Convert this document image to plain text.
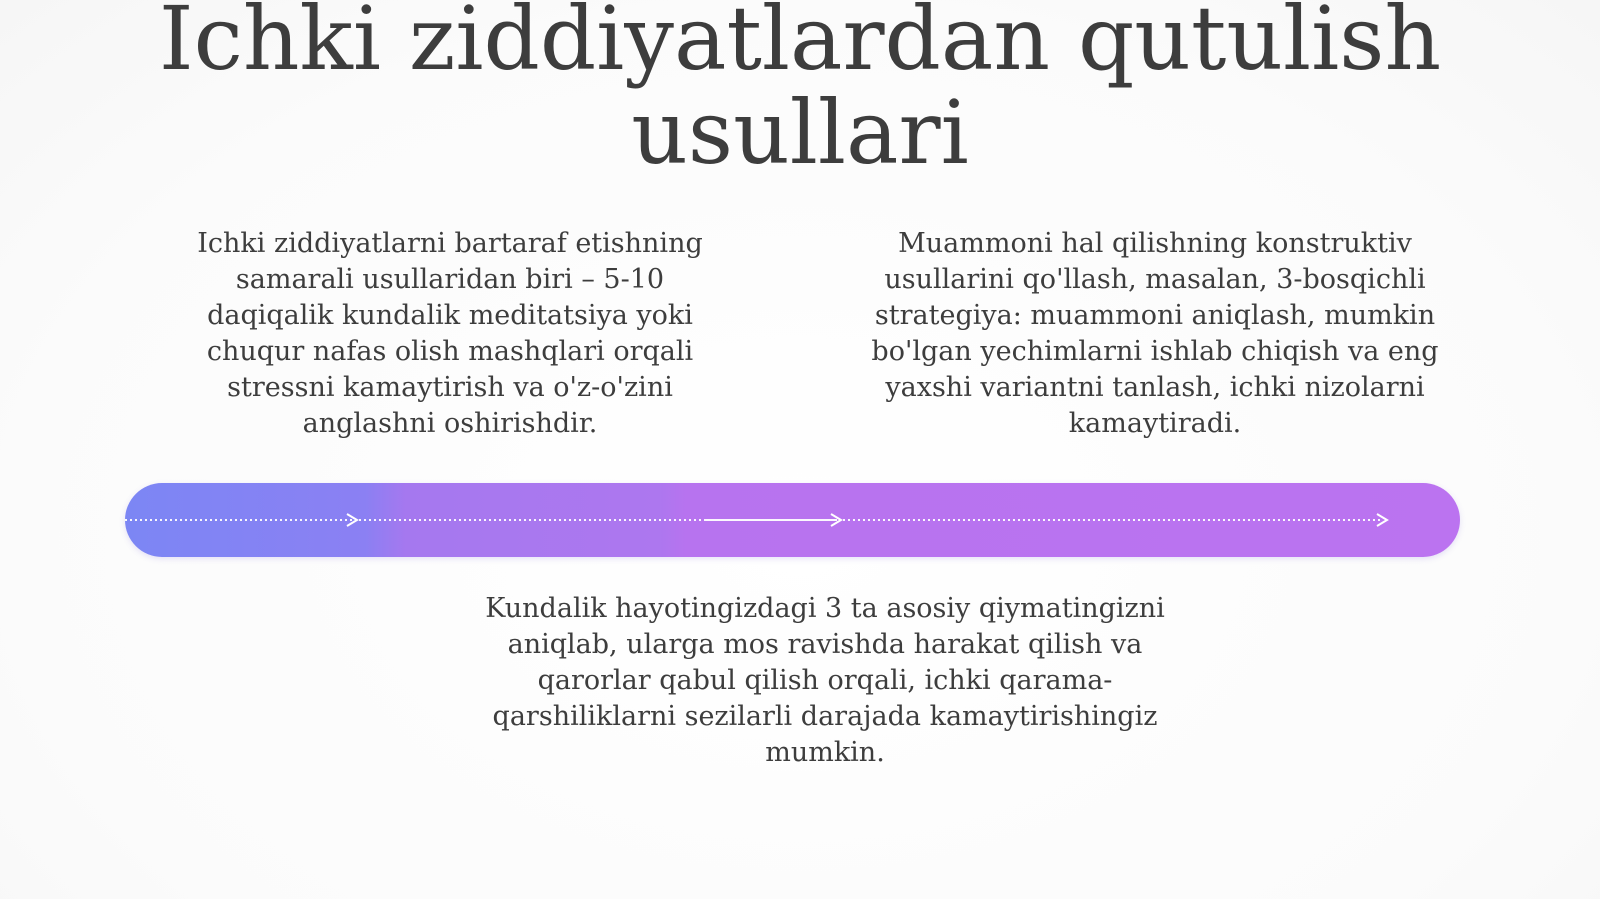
Ichki ziddiyatlardan qutulish usullari

Ichki ziddiyatlarni bartaraf etishning samarali usullaridan biri – 5-10 daqiqalik kundalik meditatsiya yoki chuqur nafas olish mashqlari orqali stressni kamaytirish va o'z-o'zini anglashni oshirishdir.

Muammoni hal qilishning konstruktiv usullarini qo'llash, masalan, 3-bosqichli strategiya: muammoni aniqlash, mumkin bo'lgan yechimlarni ishlab chiqish va eng yaxshi variantni tanlash, ichki nizolarni kamaytiradi.

Kundalik hayotingizdagi 3 ta asosiy qiymatingizni aniqlab, ularga mos ravishda harakat qilish va qarorlar qabul qilish orqali, ichki qarama-qarshiliklarni sezilarli darajada kamaytirishingiz mumkin.
